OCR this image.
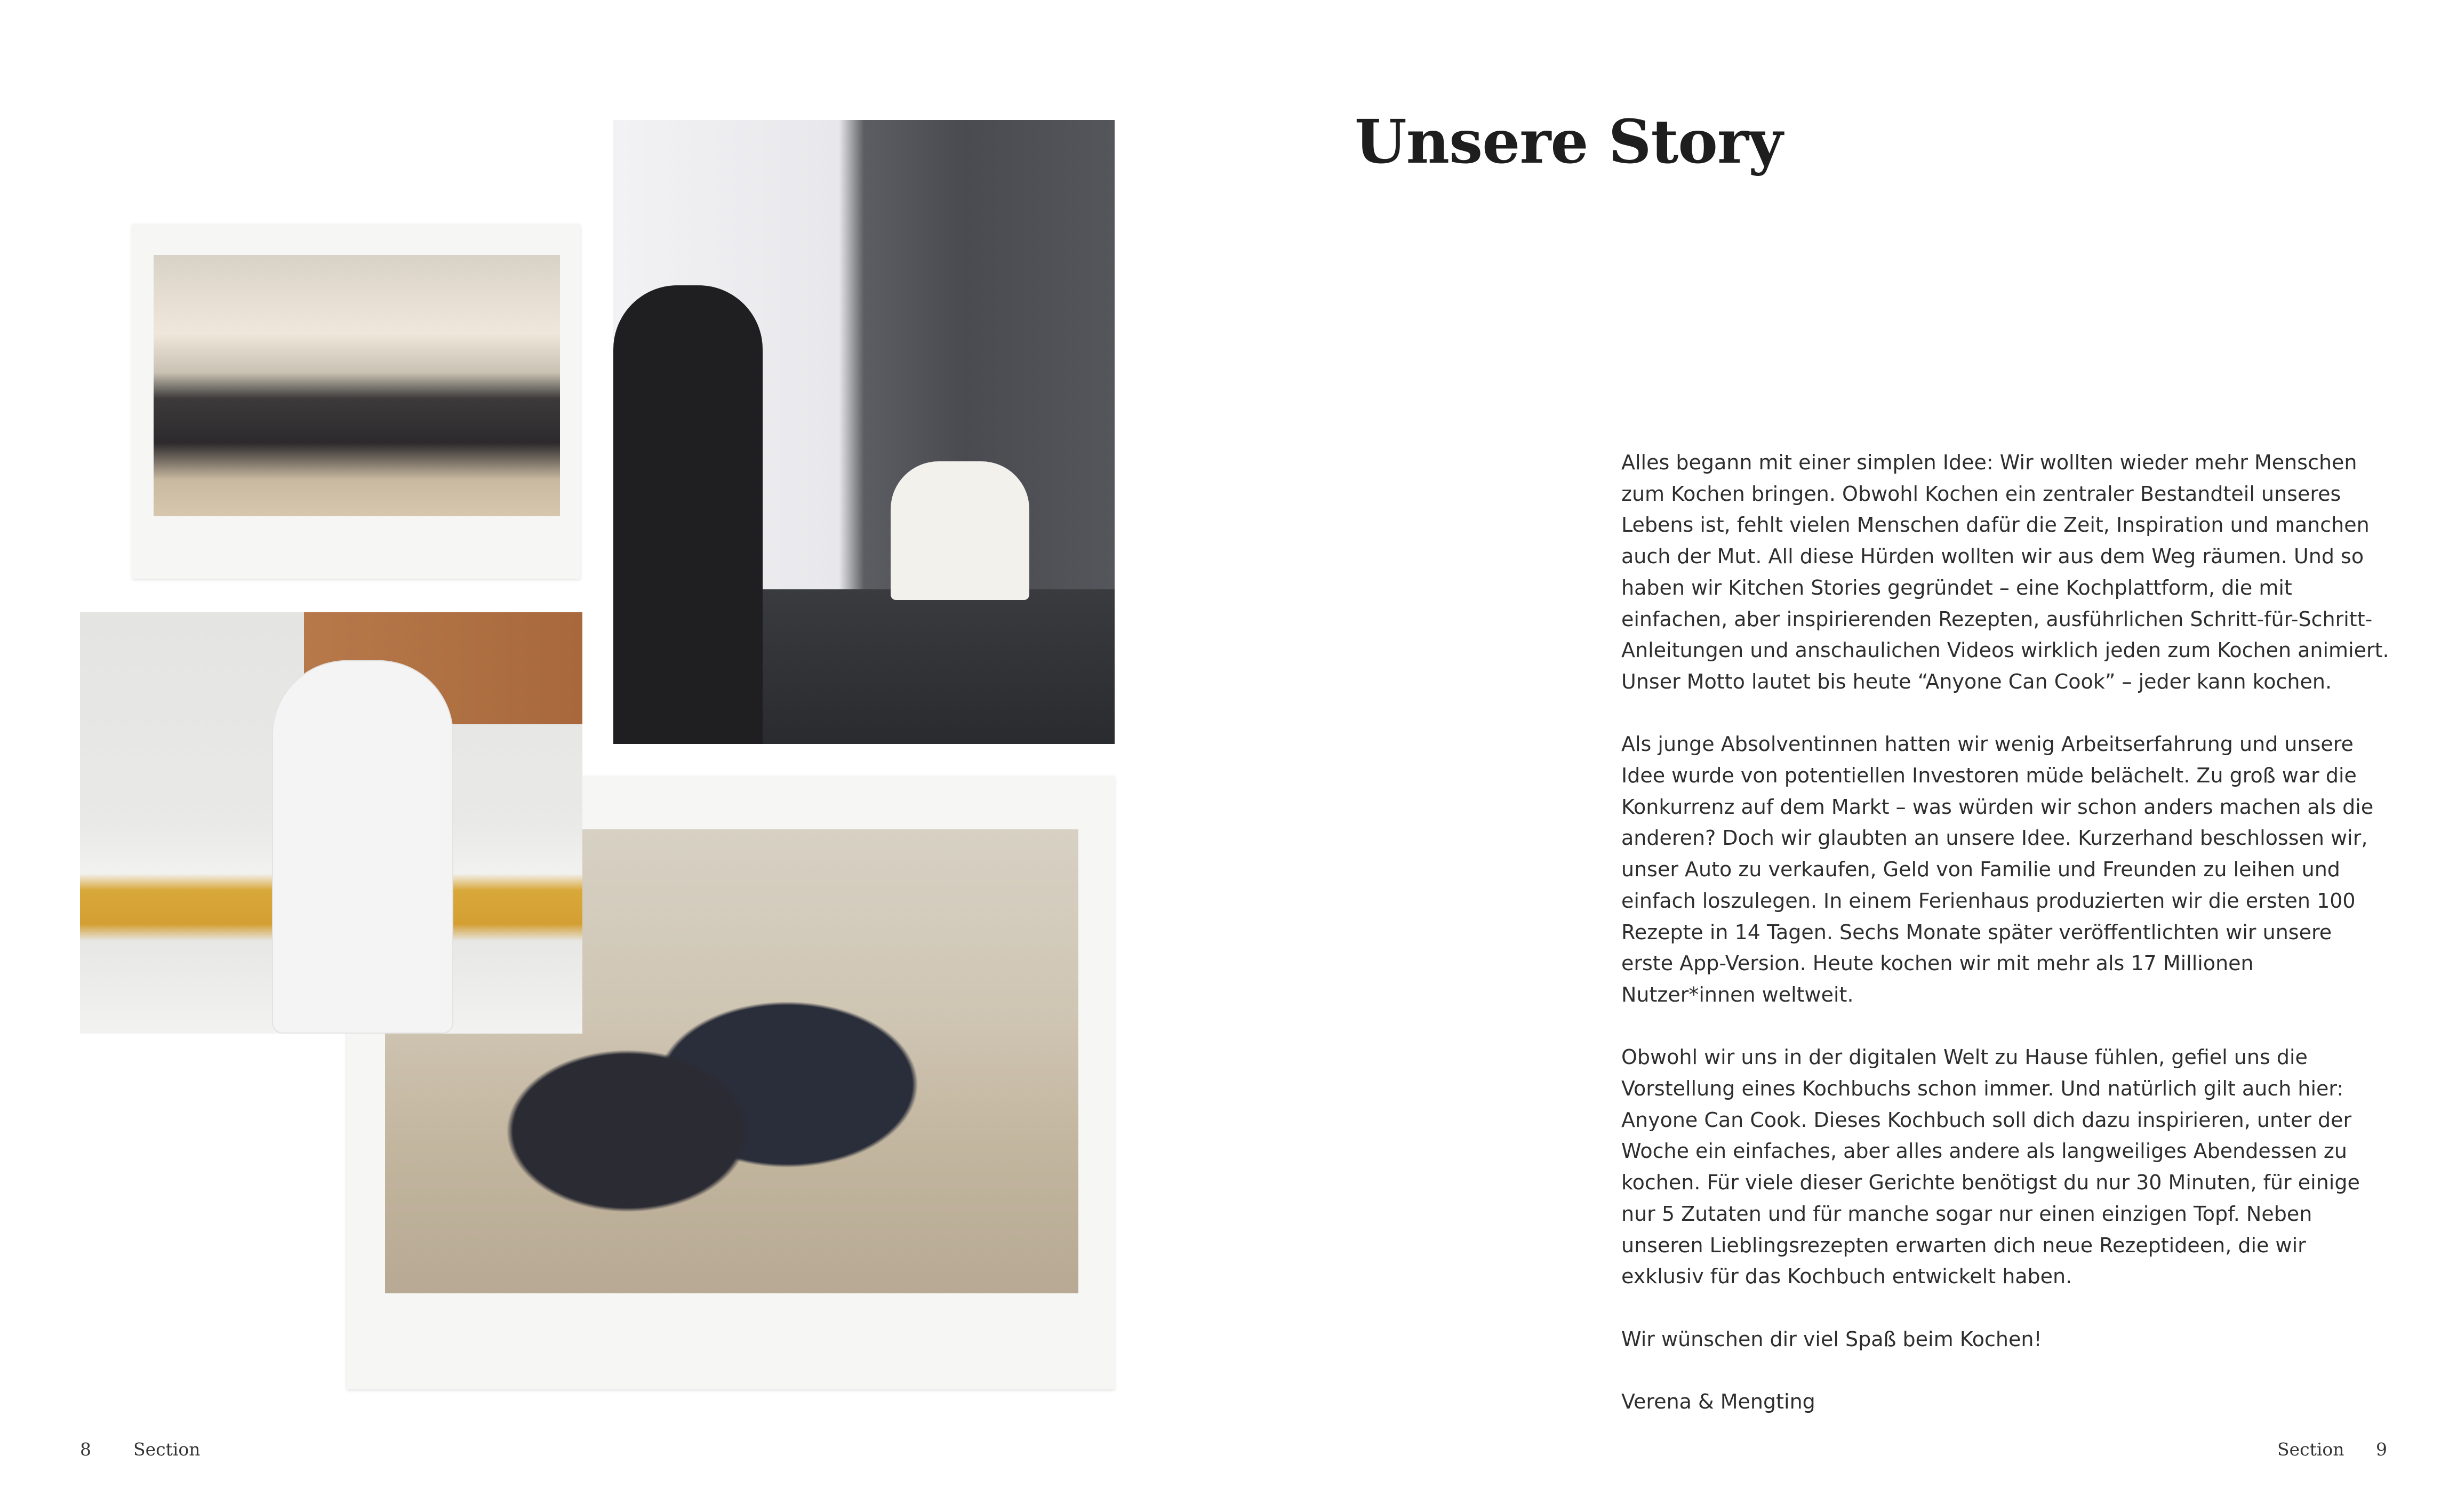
8 Section
Unsere Story

Alles begann mit einer simplen Idee: Wir wollten wieder mehr Menschen zum Kochen bringen. Obwohl Kochen ein zentraler Bestandteil unseres Lebens ist, fehlt vielen Menschen dafür die Zeit, Inspiration und manchen auch der Mut. All diese Hürden wollten wir aus dem Weg räumen. Und so haben wir Kitchen Stories gegründet – eine Kochplattform, die mit einfachen, aber inspirierenden Rezepten, ausführlichen Schritt-für-Schritt-Anleitungen und anschaulichen Videos wirklich jeden zum Kochen animiert. Unser Motto lautet bis heute “Anyone Can Cook” – jeder kann kochen.

Als junge Absolventinnen hatten wir wenig Arbeitserfahrung und unsere Idee wurde von potentiellen Investoren müde belächelt. Zu groß war die Konkurrenz auf dem Markt – was würden wir schon anders machen als die anderen? Doch wir glaubten an unsere Idee. Kurzerhand beschlossen wir, unser Auto zu verkaufen, Geld von Familie und Freunden zu leihen und einfach loszulegen. In einem Ferienhaus produzierten wir die ersten 100 Rezepte in 14 Tagen. Sechs Monate später veröffentlichten wir unsere erste App-Version. Heute kochen wir mit mehr als 17 Millionen Nutzer*innen weltweit.

Obwohl wir uns in der digitalen Welt zu Hause fühlen, gefiel uns die Vorstellung eines Kochbuchs schon immer. Und natürlich gilt auch hier: Anyone Can Cook. Dieses Kochbuch soll dich dazu inspirieren, unter der Woche ein einfaches, aber alles andere als langweiliges Abendessen zu kochen. Für viele dieser Gerichte benötigst du nur 30 Minuten, für einige nur 5 Zutaten und für manche sogar nur einen einzigen Topf. Neben unseren Lieblingsrezepten erwarten dich neue Rezeptideen, die wir exklusiv für das Kochbuch entwickelt haben.

Wir wünschen dir viel Spaß beim Kochen!

Verena & Mengting

Section 9
